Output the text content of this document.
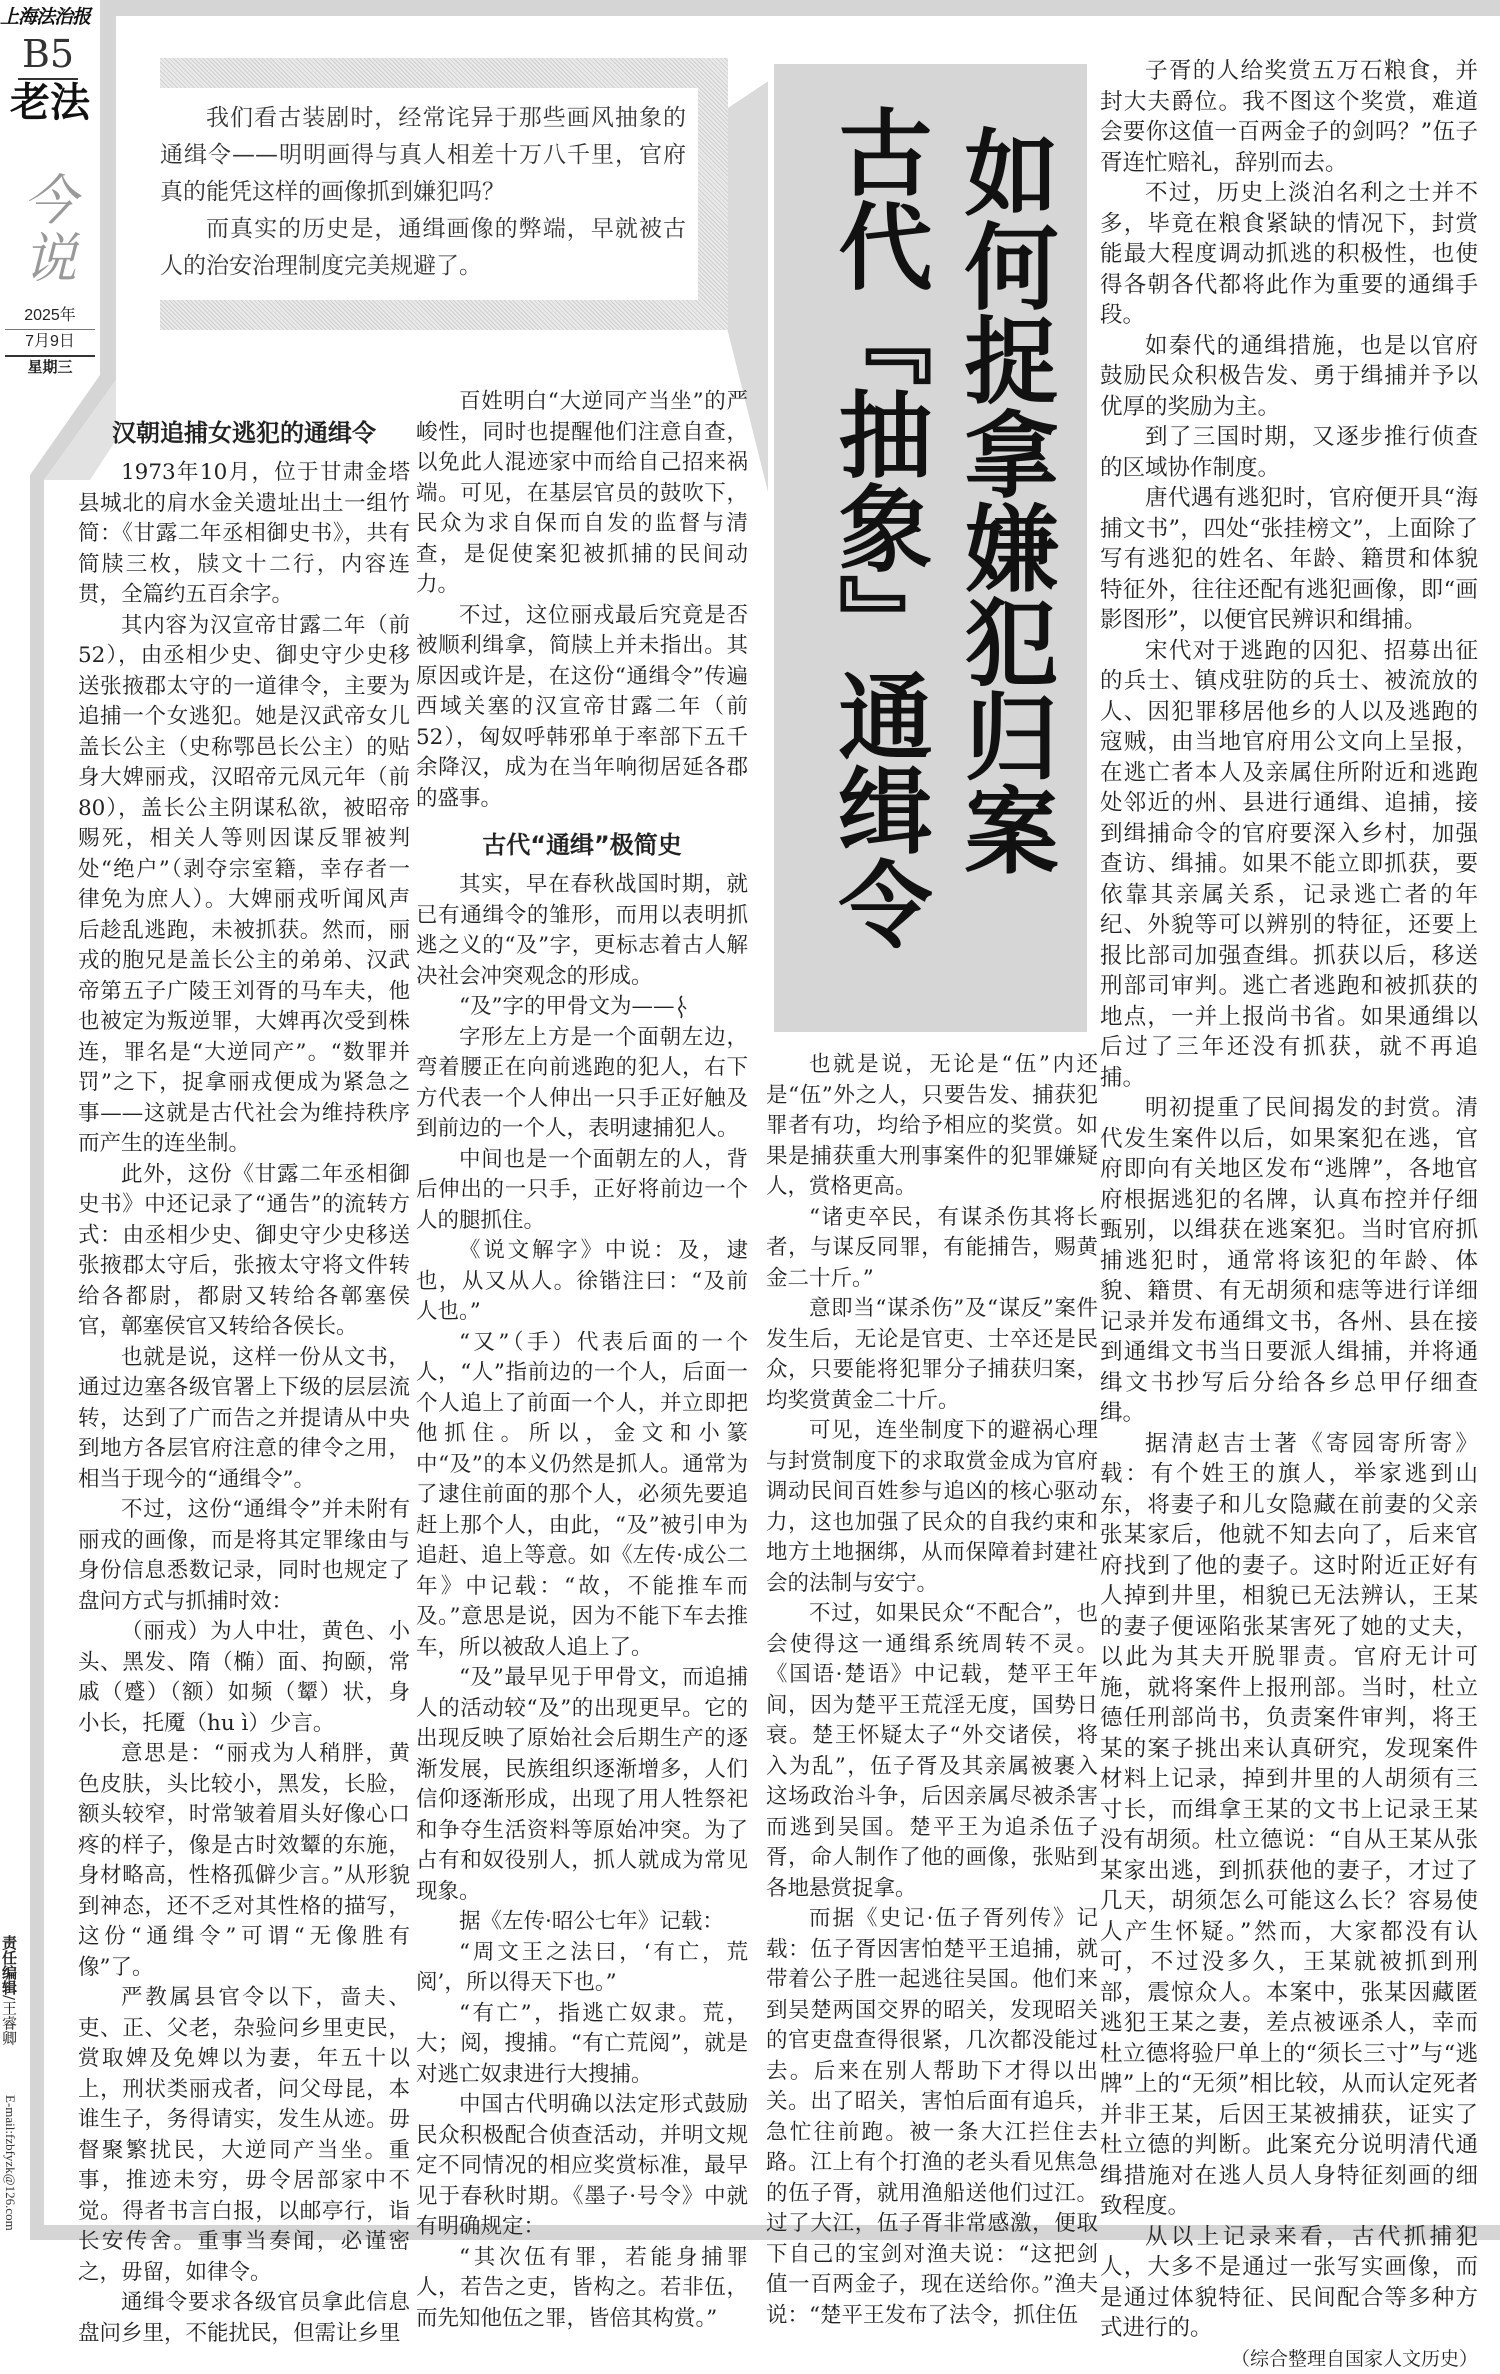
上海法治报
B5
老法
今说
2025年
7月9日
星期三
责任编辑/王睿卿
E-mail:fzbfyzk@126.com

我们看古装剧时，经常诧异于那些画风抽象的通缉令——明明画得与真人相差十万八千里，官府真的能凭这样的画像抓到嫌犯吗？

而真实的历史是，通缉画像的弊端，早就被古人的治安治理制度完美规避了。	如何捉拿嫌犯归案
古代『抽象』通缉令
汉朝追捕女逃犯的通缉令

1973年10月，位于甘肃金塔县城北的肩水金关遗址出土一组竹简：《甘露二年丞相御史书》，共有简牍三枚，牍文十二行，内容连贯，全篇约五百余字。

其内容为汉宣帝甘露二年（前52），由丞相少史、御史守少史移送张掖郡太守的一道律令，主要为追捕一个女逃犯。她是汉武帝女儿盖长公主（史称鄂邑长公主）的贴身大婢丽戎，汉昭帝元凤元年（前80），盖长公主阴谋私欲，被昭帝赐死，相关人等则因谋反罪被判处“绝户”（剥夺宗室籍，幸存者一律免为庶人）。大婢丽戎听闻风声后趁乱逃跑，未被抓获。然而，丽戎的胞兄是盖长公主的弟弟、汉武帝第五子广陵王刘胥的马车夫，他也被定为叛逆罪，大婢再次受到株连，罪名是“大逆同产”。“数罪并罚”之下，捉拿丽戎便成为紧急之事——这就是古代社会为维持秩序而产生的连坐制。

此外，这份《甘露二年丞相御史书》中还记录了“通告”的流转方式：由丞相少史、御史守少史移送张掖郡太守后，张掖太守将文件转给各都尉，都尉又转给各鄣塞侯官，鄣塞侯官又转给各侯长。

也就是说，这样一份从文书，通过边塞各级官署上下级的层层流转，达到了广而告之并提请从中央到地方各层官府注意的律令之用，相当于现今的“通缉令”。

不过，这份“通缉令”并未附有丽戎的画像，而是将其定罪缘由与身份信息悉数记录，同时也规定了盘问方式与抓捕时效：

（丽戎）为人中壮，黄色、小头、黑发、隋（椭）面、拘颐，常戚（蹙）（额）如频（颦）状，身小长，托魇（hu ì）少言。

意思是：“丽戎为人稍胖，黄色皮肤，头比较小，黑发，长脸，额头较窄，时常皱着眉头好像心口疼的样子，像是古时效颦的东施，身材略高，性格孤僻少言。”从形貌到神态，还不乏对其性格的描写，这份“通缉令”可谓“无像胜有像”了。

严教属县官令以下，啬夫、吏、正、父老，杂验问乡里吏民，赏取婢及免婢以为妻，年五十以上，刑状类丽戎者，问父母昆，本谁生子，务得请实，发生从迹。毋督聚繁扰民，大逆同产当坐。重事，推迹未穷，毋令居部家中不觉。得者书言白报，以邮亭行，诣长安传舍。重事当奏闻，必谨密之，毋留，如律令。

通缉令要求各级官员拿此信息盘问乡里，不能扰民，但需让乡里

百姓明白“大逆同产当坐”的严峻性，同时也提醒他们注意自查，以免此人混迹家中而给自己招来祸端。可见，在基层官员的鼓吹下，民众为求自保而自发的监督与清查，是促使案犯被抓捕的民间动力。

不过，这位丽戎最后究竟是否被顺利缉拿，简牍上并未指出。其原因或许是，在这份“通缉令”传遍西域关塞的汉宣帝甘露二年（前52），匈奴呼韩邪单于率部下五千余降汉，成为在当年响彻居延各郡的盛事。

古代“通缉”极简史

其实，早在春秋战国时期，就已有通缉令的雏形，而用以表明抓逃之义的“及”字，更标志着古人解决社会冲突观念的形成。

“及”字的甲骨文为——

字形左上方是一个面朝左边，弯着腰正在向前逃跑的犯人，右下方代表一个人伸出一只手正好触及到前边的一个人，表明逮捕犯人。

中间也是一个面朝左的人，背后伸出的一只手，正好将前边一个人的腿抓住。

《说文解字》中说：及，逮也，从又从人。徐锴注曰：“及前人也。”

“又”（手）代表后面的一个人，“人”指前边的一个人，后面一个人追上了前面一个人，并立即把他抓住。所以，金文和小篆中“及”的本义仍然是抓人。通常为了逮住前面的那个人，必须先要追赶上那个人，由此，“及”被引申为追赶、追上等意。如《左传·成公二年》中记载：“故，不能推车而及。”意思是说，因为不能下车去推车，所以被敌人追上了。

“及”最早见于甲骨文，而追捕人的活动较“及”的出现更早。它的出现反映了原始社会后期生产的逐渐发展，民族组织逐渐增多，人们信仰逐渐形成，出现了用人牲祭祀和争夺生活资料等原始冲突。为了占有和奴役别人，抓人就成为常见现象。

据《左传·昭公七年》记载：

“周文王之法曰，‘有亡，荒阅’，所以得天下也。”

“有亡”，指逃亡奴隶。荒，大；阅，搜捕。“有亡荒阅”，就是对逃亡奴隶进行大搜捕。

中国古代明确以法定形式鼓励民众积极配合侦查活动，并明文规定不同情况的相应奖赏标准，最早见于春秋时期。《墨子·号令》中就有明确规定：

“其次伍有罪，若能身捕罪人，若告之吏，皆构之。若非伍，而先知他伍之罪，皆倍其构赏。”

也就是说，无论是“伍”内还是“伍”外之人，只要告发、捕获犯罪者有功，均给予相应的奖赏。如果是捕获重大刑事案件的犯罪嫌疑人，赏格更高。

“诸吏卒民，有谋杀伤其将长者，与谋反同罪，有能捕告，赐黄金二十斤。”

意即当“谋杀伤”及“谋反”案件发生后，无论是官吏、士卒还是民众，只要能将犯罪分子捕获归案，均奖赏黄金二十斤。

可见，连坐制度下的避祸心理与封赏制度下的求取赏金成为官府调动民间百姓参与追凶的核心驱动力，这也加强了民众的自我约束和地方土地捆绑，从而保障着封建社会的法制与安宁。

不过，如果民众“不配合”，也会使得这一通缉系统周转不灵。《国语·楚语》中记载，楚平王年间，因为楚平王荒淫无度，国势日衰。楚王怀疑太子“外交诸侯，将入为乱”，伍子胥及其亲属被裹入这场政治斗争，后因亲属尽被杀害而逃到吴国。楚平王为追杀伍子胥，命人制作了他的画像，张贴到各地悬赏捉拿。

而据《史记·伍子胥列传》记载：伍子胥因害怕楚平王追捕，就带着公子胜一起逃往吴国。他们来到吴楚两国交界的昭关，发现昭关的官吏盘查得很紧，几次都没能过去。后来在别人帮助下才得以出关。出了昭关，害怕后面有追兵，急忙往前跑。被一条大江拦住去路。江上有个打渔的老头看见焦急的伍子胥，就用渔船送他们过江。过了大江，伍子胥非常感激，便取下自己的宝剑对渔夫说：“这把剑值一百两金子，现在送给你。”渔夫说：“楚平王发布了法令，抓住伍

子胥的人给奖赏五万石粮食，并封大夫爵位。我不图这个奖赏，难道会要你这值一百两金子的剑吗？”伍子胥连忙赔礼，辞别而去。

不过，历史上淡泊名利之士并不多，毕竟在粮食紧缺的情况下，封赏能最大程度调动抓逃的积极性，也使得各朝各代都将此作为重要的通缉手段。

如秦代的通缉措施，也是以官府鼓励民众积极告发、勇于缉捕并予以优厚的奖励为主。

到了三国时期，又逐步推行侦查的区域协作制度。

唐代遇有逃犯时，官府便开具“海捕文书”，四处“张挂榜文”，上面除了写有逃犯的姓名、年龄、籍贯和体貌特征外，往往还配有逃犯画像，即“画影图形”，以便官民辨识和缉捕。

宋代对于逃跑的囚犯、招募出征的兵士、镇戍驻防的兵士、被流放的人、因犯罪移居他乡的人以及逃跑的寇贼，由当地官府用公文向上呈报，在逃亡者本人及亲属住所附近和逃跑处邻近的州、县进行通缉、追捕，接到缉捕命令的官府要深入乡村，加强查访、缉捕。如果不能立即抓获，要依靠其亲属关系，记录逃亡者的年纪、外貌等可以辨别的特征，还要上报比部司加强查缉。抓获以后，移送刑部司审判。逃亡者逃跑和被抓获的地点，一并上报尚书省。如果通缉以后过了三年还没有抓获，就不再追捕。

明初提重了民间揭发的封赏。清代发生案件以后，如果案犯在逃，官府即向有关地区发布“逃牌”，各地官府根据逃犯的名牌，认真布控并仔细甄别，以缉获在逃案犯。当时官府抓捕逃犯时，通常将该犯的年龄、体貌、籍贯、有无胡须和痣等进行详细记录并发布通缉文书，各州、县在接到通缉文书当日要派人缉捕，并将通缉文书抄写后分给各乡总甲仔细查缉。

据清赵吉士著《寄园寄所寄》载：有个姓王的旗人，举家逃到山东，将妻子和儿女隐藏在前妻的父亲张某家后，他就不知去向了，后来官府找到了他的妻子。这时附近正好有人掉到井里，相貌已无法辨认，王某的妻子便诬陷张某害死了她的丈夫，以此为其夫开脱罪责。官府无计可施，就将案件上报刑部。当时，杜立德任刑部尚书，负责案件审判，将王某的案子挑出来认真研究，发现案件材料上记录，掉到井里的人胡须有三寸长，而缉拿王某的文书上记录王某没有胡须。杜立德说：“自从王某从张某家出逃，到抓获他的妻子，才过了几天，胡须怎么可能这么长？容易使人产生怀疑。”然而，大家都没有认可，不过没多久，王某就被抓到刑部，震惊众人。本案中，张某因藏匿逃犯王某之妻，差点被诬杀人，幸而杜立德将验尸单上的“须长三寸”与“逃牌”上的“无须”相比较，从而认定死者并非王某，后因王某被捕获，证实了杜立德的判断。此案充分说明清代通缉措施对在逃人员人身特征刻画的细致程度。

从以上记录来看，古代抓捕犯人，大多不是通过一张写实画像，而是通过体貌特征、民间配合等多种方式进行的。

（综合整理自国家人文历史）
